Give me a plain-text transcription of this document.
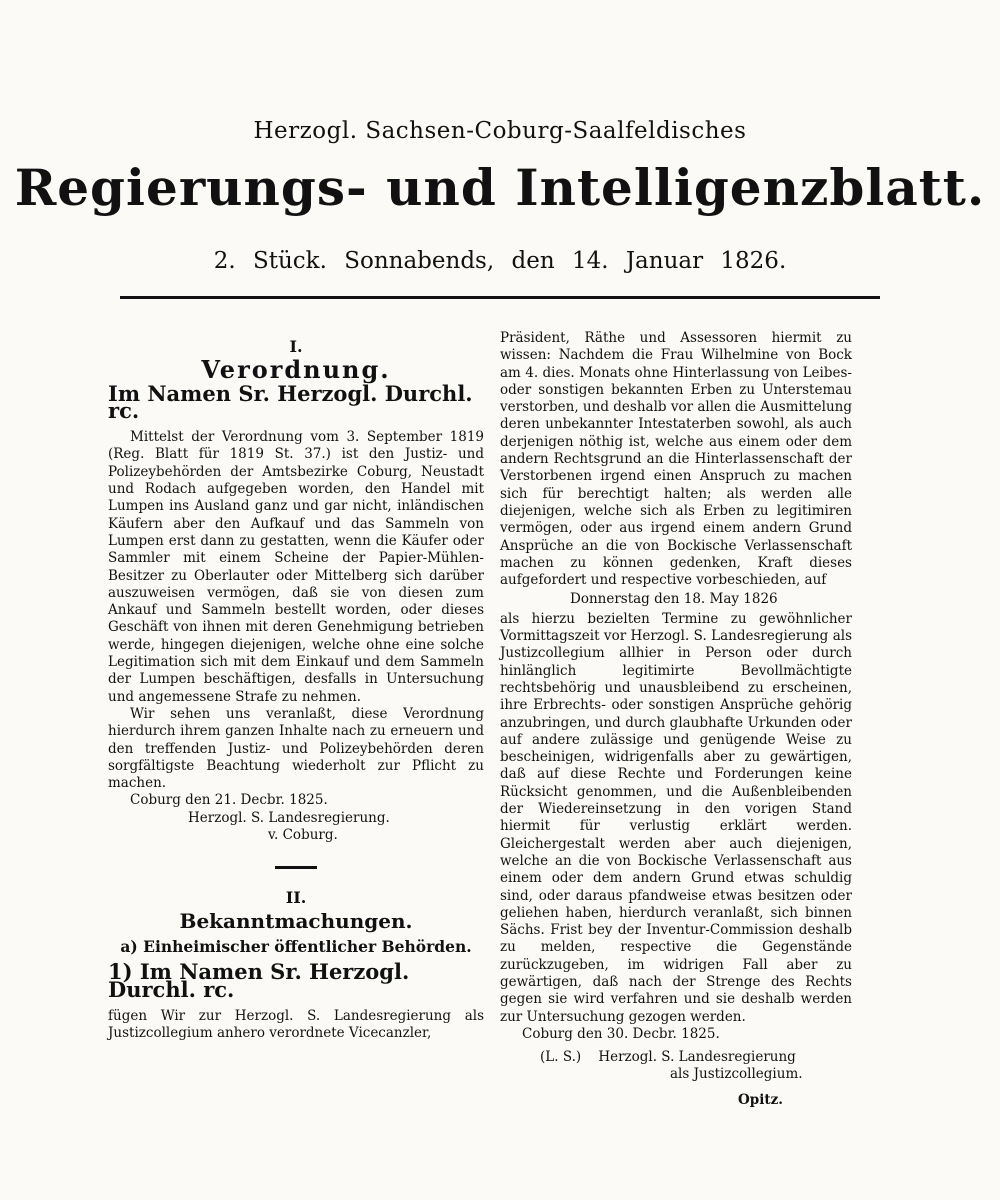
Herzogl. Sachsen-Coburg-Saalfeldisches
Regierungs- und Intelligenzblatt.
2. Stück. Sonnabends, den 14. Januar 1826.
I.
Verordnung.
Im Namen Sr. Herzogl. Durchl. rc.

Mittelst der Verordnung vom 3. September 1819 (Reg. Blatt für 1819 St. 37.) ist den Justiz- und Polizeybehörden der Amtsbezirke Coburg, Neustadt und Rodach aufgegeben worden, den Handel mit Lumpen ins Ausland ganz und gar nicht, inländischen Käufern aber den Aufkauf und das Sammeln von Lumpen erst dann zu gestatten, wenn die Käufer oder Sammler mit einem Scheine der Papier-Mühlen-Besitzer zu Oberlauter oder Mittelberg sich darüber auszuweisen vermögen, daß sie von diesen zum Ankauf und Sammeln bestellt worden, oder dieses Geschäft von ihnen mit deren Genehmigung betrieben werde, hingegen diejenigen, welche ohne eine solche Legitimation sich mit dem Einkauf und dem Sammeln der Lumpen beschäftigen, desfalls in Untersuchung und angemessene Strafe zu nehmen.

Wir sehen uns veranlaßt, diese Verordnung hierdurch ihrem ganzen Inhalte nach zu erneuern und den treffenden Justiz- und Polizeybehörden deren sorgfältigste Beachtung wiederholt zur Pflicht zu machen.

Coburg den 21. Decbr. 1825.

Herzogl. S. Landesregierung.

v. Coburg.

II.
Bekanntmachungen.
a) Einheimischer öffentlicher Behörden.
1) Im Namen Sr. Herzogl. Durchl. rc.

fügen Wir zur Herzogl. S. Landesregierung als Justizcollegium anhero verordnete Vicecanzler,

Präsident, Räthe und Assessoren hiermit zu wissen: Nachdem die Frau Wilhelmine von Bock am 4. dies. Monats ohne Hinterlassung von Leibes- oder sonstigen bekannten Erben zu Unterstemau verstorben, und deshalb vor allen die Ausmittelung deren unbekannter Intestaterben sowohl, als auch derjenigen nöthig ist, welche aus einem oder dem andern Rechtsgrund an die Hinterlassenschaft der Verstorbenen irgend einen Anspruch zu machen sich für berechtigt halten; als werden alle diejenigen, welche sich als Erben zu legitimiren vermögen, oder aus irgend einem andern Grund Ansprüche an die von Bockische Verlassenschaft machen zu können gedenken, Kraft dieses aufgefordert und respective vorbeschieden, auf

Donnerstag den 18. May 1826

als hierzu bezielten Termine zu gewöhnlicher Vormittagszeit vor Herzogl. S. Landesregierung als Justizcollegium allhier in Person oder durch hinlänglich legitimirte Bevollmächtigte rechtsbehörig und unausbleibend zu erscheinen, ihre Erbrechts- oder sonstigen Ansprüche gehörig anzubringen, und durch glaubhafte Urkunden oder auf andere zulässige und genügende Weise zu bescheinigen, widrigenfalls aber zu gewärtigen, daß auf diese Rechte und Forderungen keine Rücksicht genommen, und die Außenbleibenden der Wiedereinsetzung in den vorigen Stand hiermit für verlustig erklärt werden. Gleichergestalt werden aber auch diejenigen, welche an die von Bockische Verlassenschaft aus einem oder dem andern Grund etwas schuldig sind, oder daraus pfandweise etwas besitzen oder geliehen haben, hierdurch veranlaßt, sich binnen Sächs. Frist bey der Inventur-Commission deshalb zu melden, respective die Gegenstände zurückzugeben, im widrigen Fall aber zu gewärtigen, daß nach der Strenge des Rechts gegen sie wird verfahren und sie deshalb werden zur Untersuchung gezogen werden.

Coburg den 30. Decbr. 1825.

(L. S.) Herzogl. S. Landesregierung

als Justizcollegium.

Opitz.
